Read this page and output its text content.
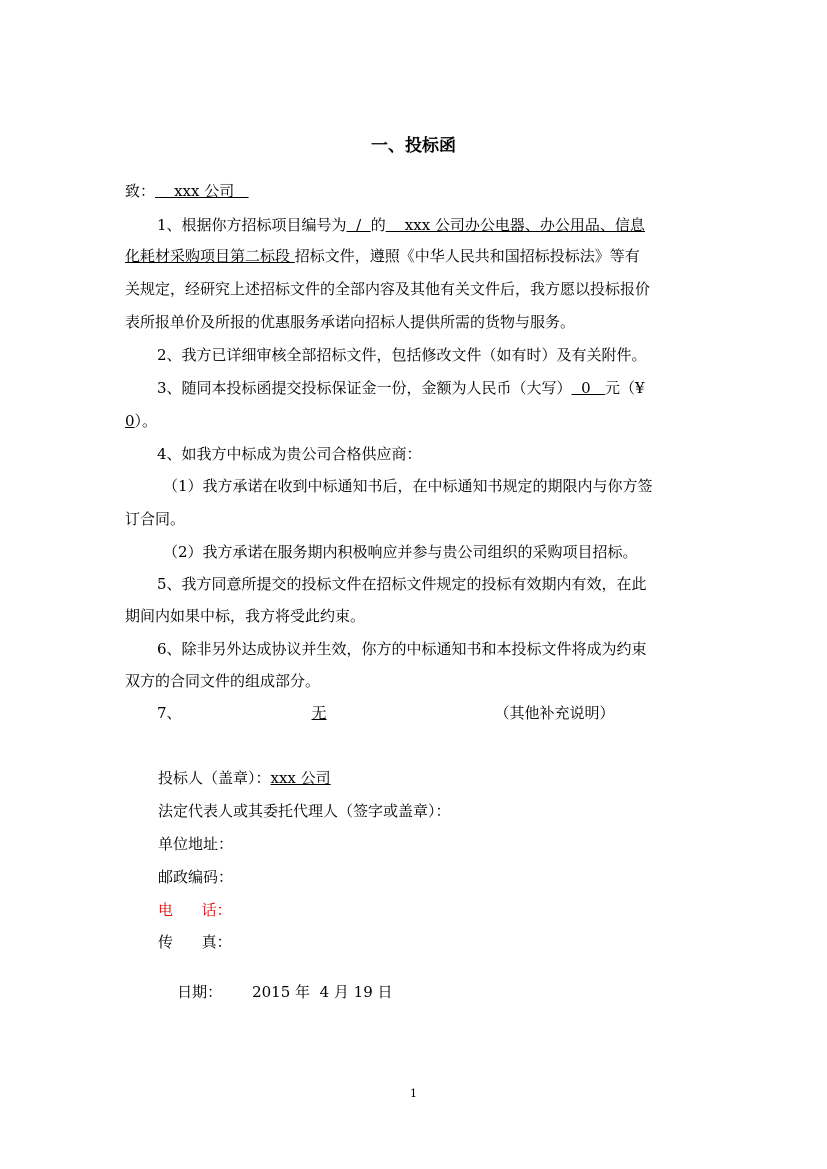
一、投标函
致：    xxx 公司
1、根据你方招标项目编号为  /  的    xxx 公司办公电器、办公用品、信息
化耗材采购项目第二标段 招标文件，遵照《中华人民共和国招标投标法》等有
关规定，经研究上述招标文件的全部内容及其他有关文件后，我方愿以投标报价
表所报单价及所报的优惠服务承诺向招标人提供所需的货物与服务。
2、我方已详细审核全部招标文件，包括修改文件（如有时）及有关附件。
3、随同本投标函提交投标保证金一份，金额为人民币（大写）  0   元（¥
0）。
4、如我方中标成为贵公司合格供应商：
（1）我方承诺在收到中标通知书后，在中标通知书规定的期限内与你方签
订合同。
（2）我方承诺在服务期内积极响应并参与贵公司组织的采购项目招标。
5、我方同意所提交的投标文件在招标文件规定的投标有效期内有效，在此
期间内如果中标，我方将受此约束。
6、除非另外达成协议并生效，你方的中标通知书和本投标文件将成为约束
双方的合同文件的组成部分。
7、	无	（其他补充说明）
投标人（盖章）：xxx 公司
法定代表人或其委托代理人（签字或盖章）：
单位地址：
邮政编码：
电      话：
传      真：

日期： 2015 年  4 月 19 日

1
